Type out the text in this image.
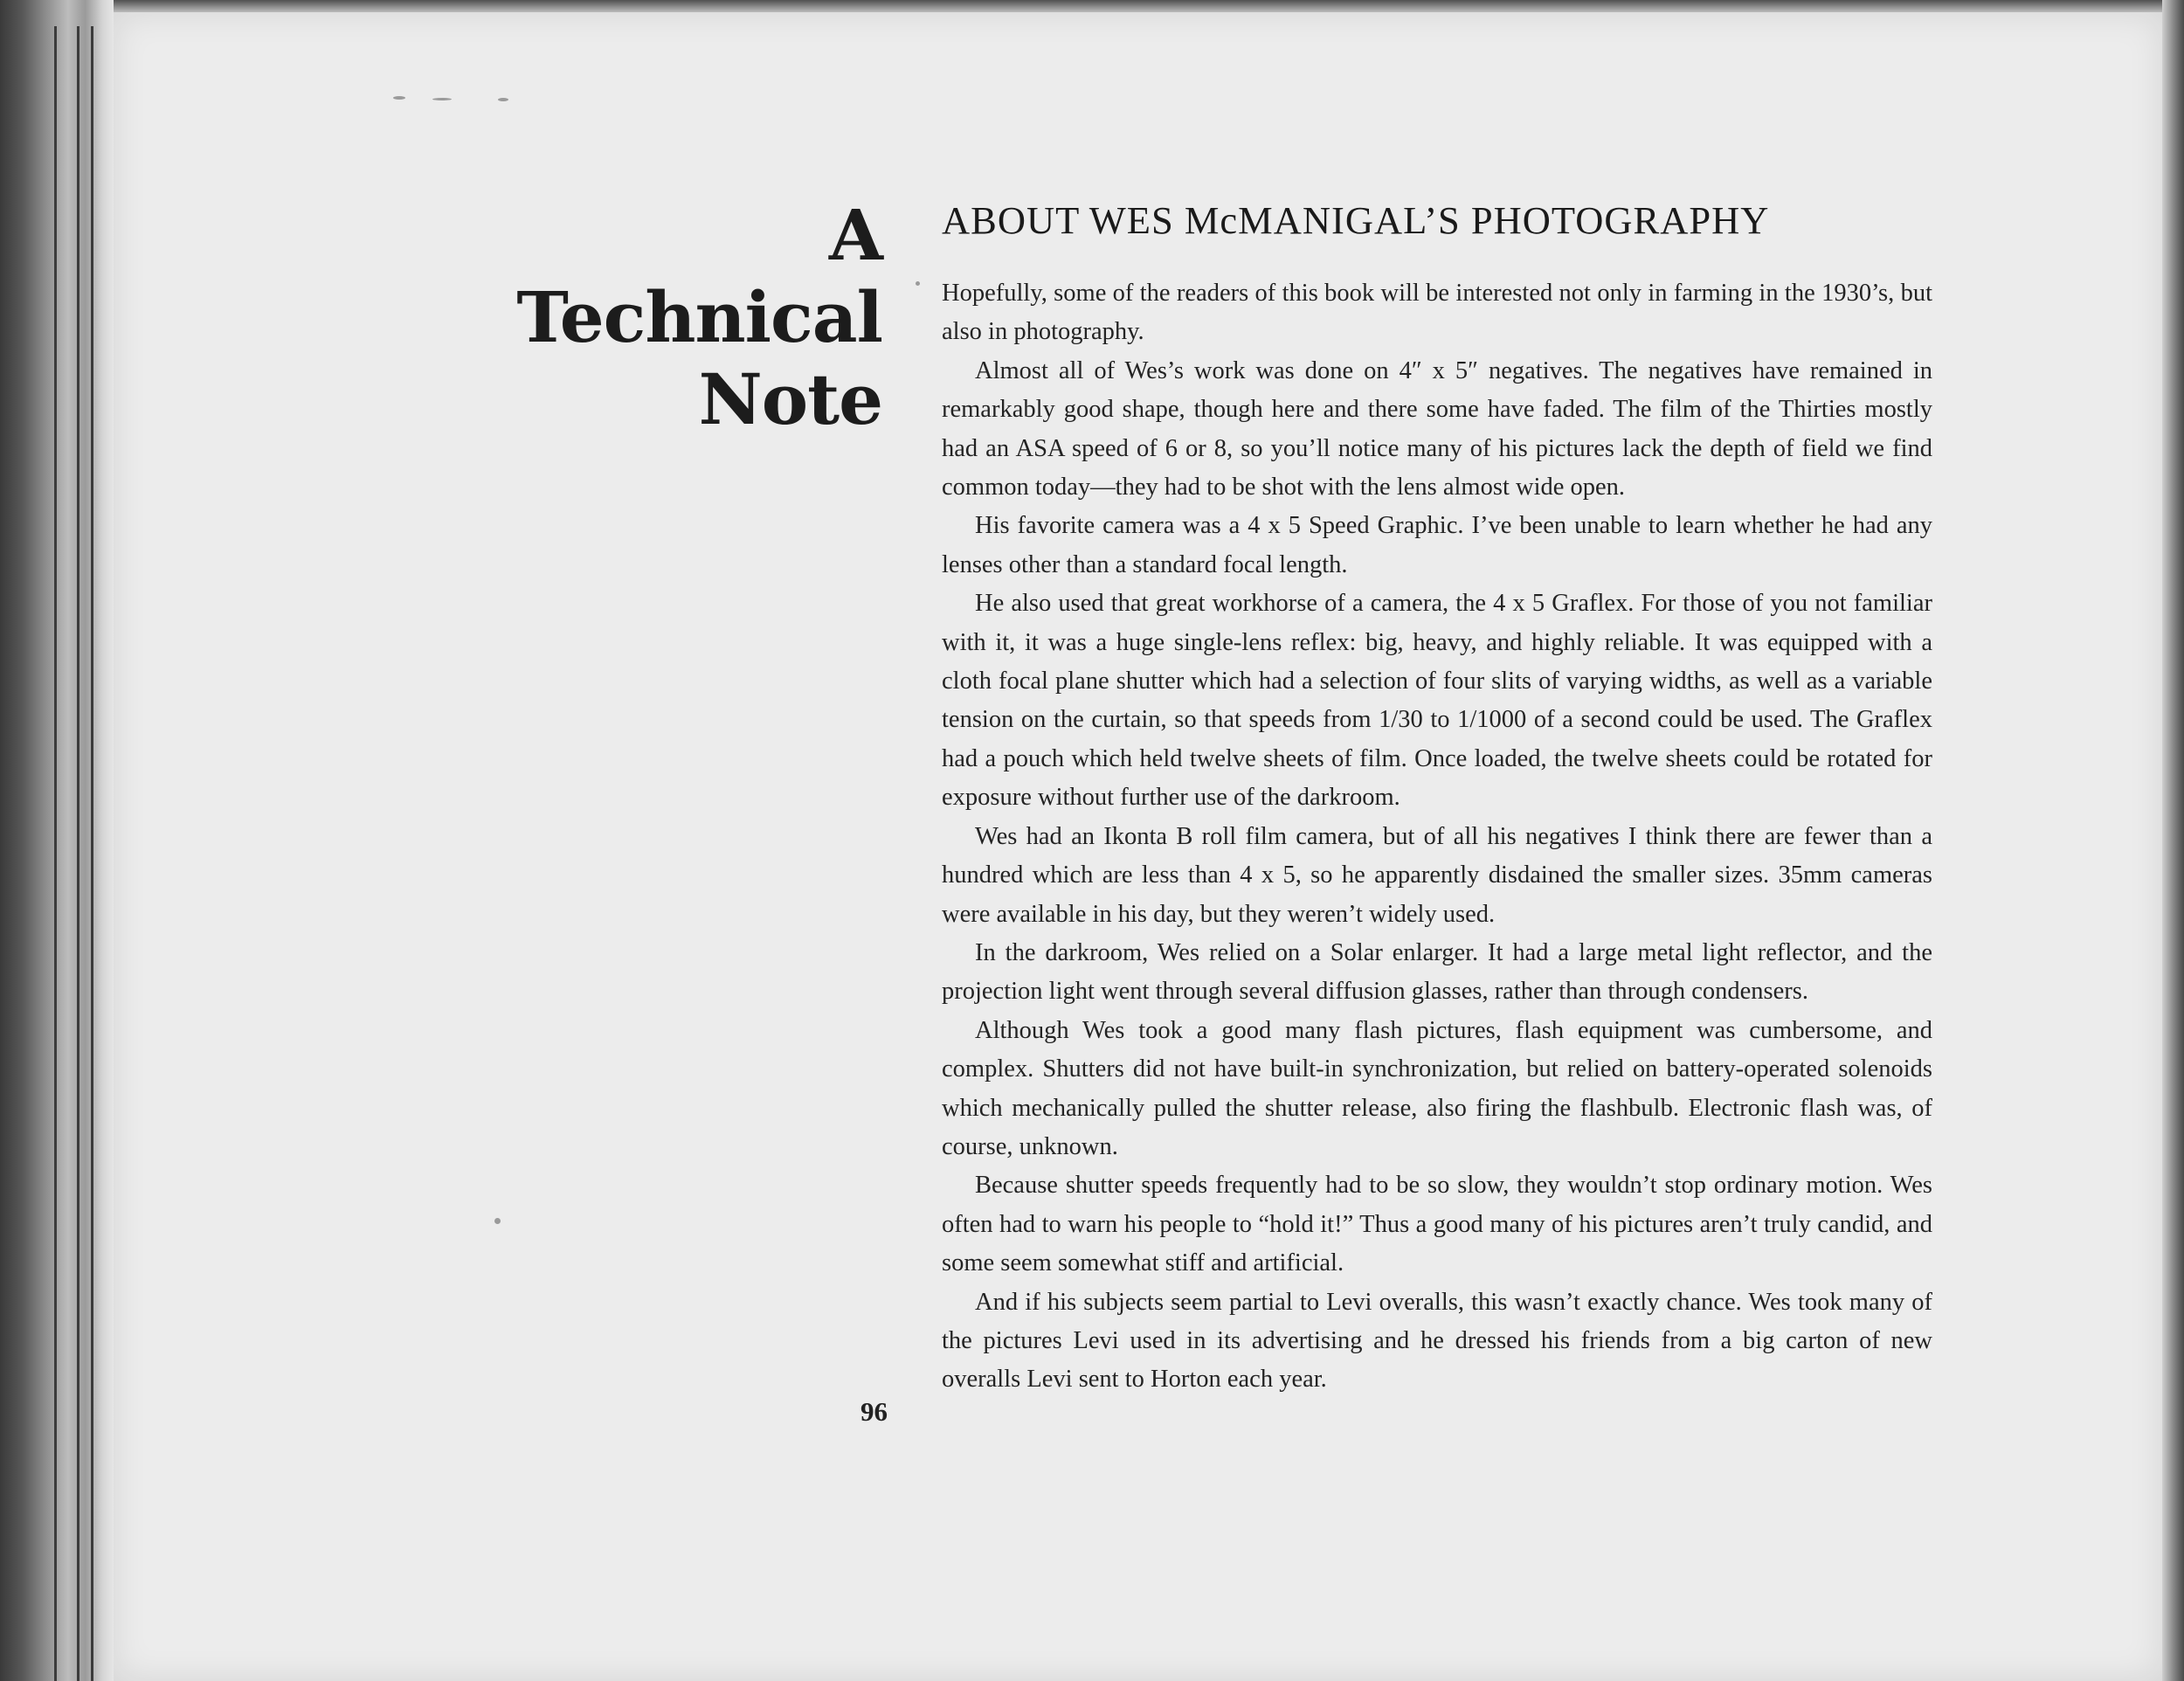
A
Technical
Note
ABOUT WES McMANIGAL’S PHOTOGRAPHY

Hopefully, some of the readers of this book will be interested not only in farming in the 1930’s, but also in photography.

Almost all of Wes’s work was done on 4″ x 5″ negatives. The negatives have remained in remarkably good shape, though here and there some have faded. The film of the Thirties mostly had an ASA speed of 6 or 8, so you’ll notice many of his pictures lack the depth of field we find common today—they had to be shot with the lens almost wide open.

His favorite camera was a 4 x 5 Speed Graphic. I’ve been unable to learn whether he had any lenses other than a standard focal length.

He also used that great workhorse of a camera, the 4 x 5 Graflex. For those of you not familiar with it, it was a huge single-lens reflex: big, heavy, and highly reliable. It was equipped with a cloth focal plane shutter which had a selection of four slits of varying widths, as well as a variable tension on the curtain, so that speeds from 1/30 to 1/1000 of a second could be used. The Graflex had a pouch which held twelve sheets of film. Once loaded, the twelve sheets could be rotated for exposure without further use of the darkroom.

Wes had an Ikonta B roll film camera, but of all his negatives I think there are fewer than a hundred which are less than 4 x 5, so he apparently disdained the smaller sizes. 35mm cameras were available in his day, but they weren’t widely used.

In the darkroom, Wes relied on a Solar enlarger. It had a large metal light reflector, and the projection light went through several diffusion glasses, rather than through condensers.

Although Wes took a good many flash pictures, flash equipment was cumbersome, and complex. Shutters did not have built-in synchronization, but relied on battery-operated solenoids which mechanically pulled the shutter release, also firing the flashbulb. Electronic flash was, of course, unknown.

Because shutter speeds frequently had to be so slow, they wouldn’t stop ordinary motion. Wes often had to warn his people to “hold it!” Thus a good many of his pictures aren’t truly candid, and some seem somewhat stiff and artificial.

And if his subjects seem partial to Levi overalls, this wasn’t exactly chance. Wes took many of the pictures Levi used in its advertising and he dressed his friends from a big carton of new overalls Levi sent to Horton each year.

96
